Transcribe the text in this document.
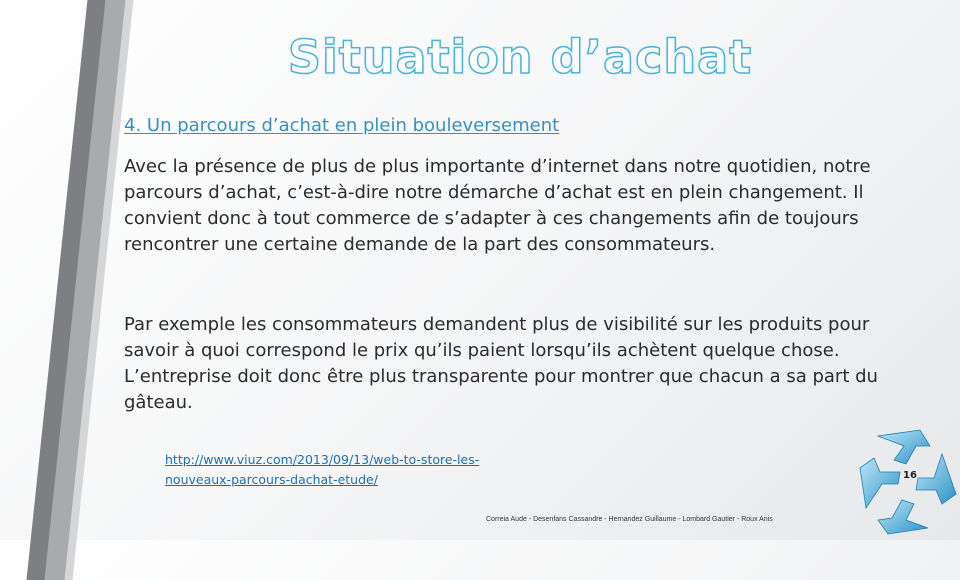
Situation d’achat
4. Un parcours d’achat en plein bouleversement

Avec la présence de plus de plus importante d’internet dans notre quotidien, notre parcours d’achat, c’est-à-dire notre démarche d’achat est en plein changement. Il convient donc à tout commerce de s’adapter à ces changements afin de toujours rencontrer une certaine demande de la part des consommateurs.

Par exemple les consommateurs demandent plus de visibilité sur les produits pour savoir à quoi correspond le prix qu’ils paient lorsqu’ils achètent quelque chose. L’entreprise doit donc être plus transparente pour montrer que chacun a sa part du gâteau.

http://www.viuz.com/2013/09/13/web-to-store-les-nouveaux-parcours-dachat-etude/	16
Correia Aude - Desenfans Cassandre - Hernandez Guillaume - Lombard Gautier - Roux Anis
